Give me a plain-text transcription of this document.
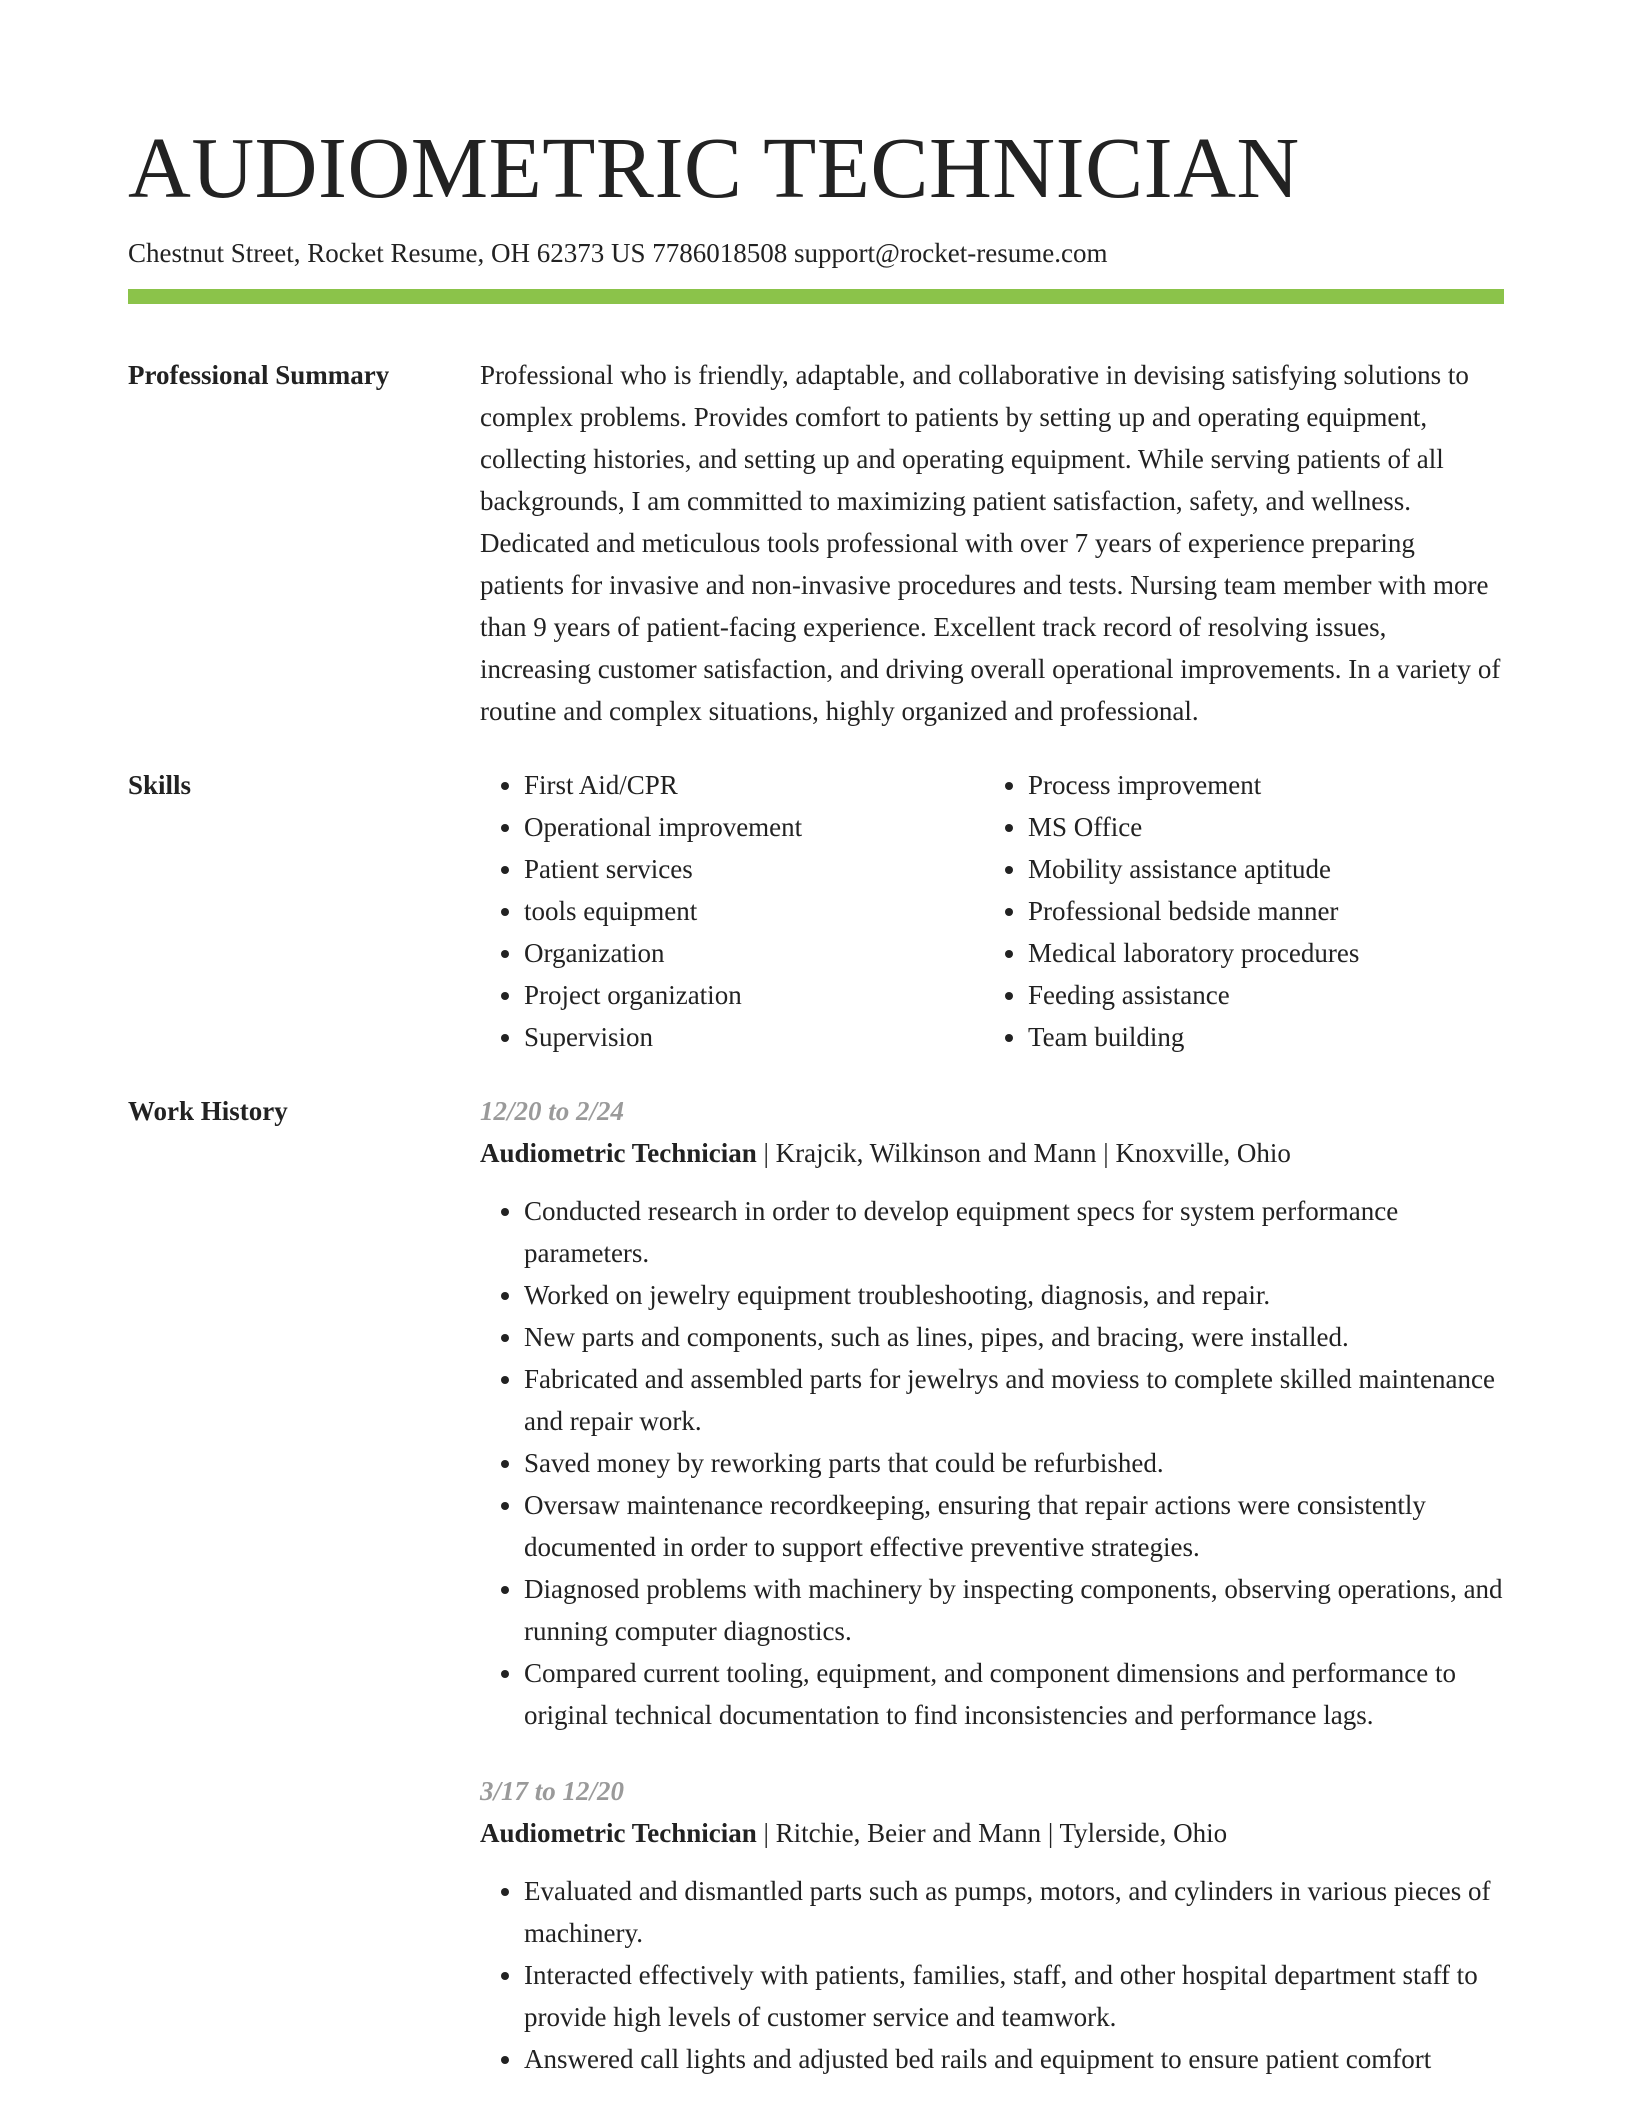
AUDIOMETRIC TECHNICIAN
Chestnut Street, Rocket Resume, OH 62373 US 7786018508 support@rocket-resume.com
Professional Summary	Professional who is friendly, adaptable, and collaborative in devising satisfying solutions to complex problems. Provides comfort to patients by setting up and operating equipment, collecting histories, and setting up and operating equipment. While serving patients of all backgrounds, I am committed to maximizing patient satisfaction, safety, and wellness. Dedicated and meticulous tools professional with over 7 years of experience preparing patients for invasive and non-invasive procedures and tests. Nursing team member with more than 9 years of patient-facing experience. Excellent track record of resolving issues, increasing customer satisfaction, and driving overall operational improvements. In a variety of routine and complex situations, highly organized and professional.

Skills
•	First Aid/CPR
• Operational improvement
• Patient services
• tools equipment
• Organization
• Project organization
• Supervision
• Process improvement
• MS Office
• Mobility assistance aptitude
• Professional bedside manner
• Medical laboratory procedures
• Feeding assistance
• Team building
Work History	12/20 to 2/24
Audiometric Technician | Krajcik, Wilkinson and Mann | Knoxville, Ohio
• Conducted research in order to develop equipment specs for system performance parameters.
• Worked on jewelry equipment troubleshooting, diagnosis, and repair.
• New parts and components, such as lines, pipes, and bracing, were installed.
• Fabricated and assembled parts for jewelrys and moviess to complete skilled maintenance and repair work.
• Saved money by reworking parts that could be refurbished.
• Oversaw maintenance recordkeeping, ensuring that repair actions were consistently documented in order to support effective preventive strategies.
• Diagnosed problems with machinery by inspecting components, observing operations, and running computer diagnostics.
• Compared current tooling, equipment, and component dimensions and performance to original technical documentation to find inconsistencies and performance lags.
3/17 to 12/20
Audiometric Technician | Ritchie, Beier and Mann | Tylerside, Ohio
• Evaluated and dismantled parts such as pumps, motors, and cylinders in various pieces of machinery.
• Interacted effectively with patients, families, staff, and other hospital department staff to provide high levels of customer service and teamwork.
• Answered call lights and adjusted bed rails and equipment to ensure patient comfort
